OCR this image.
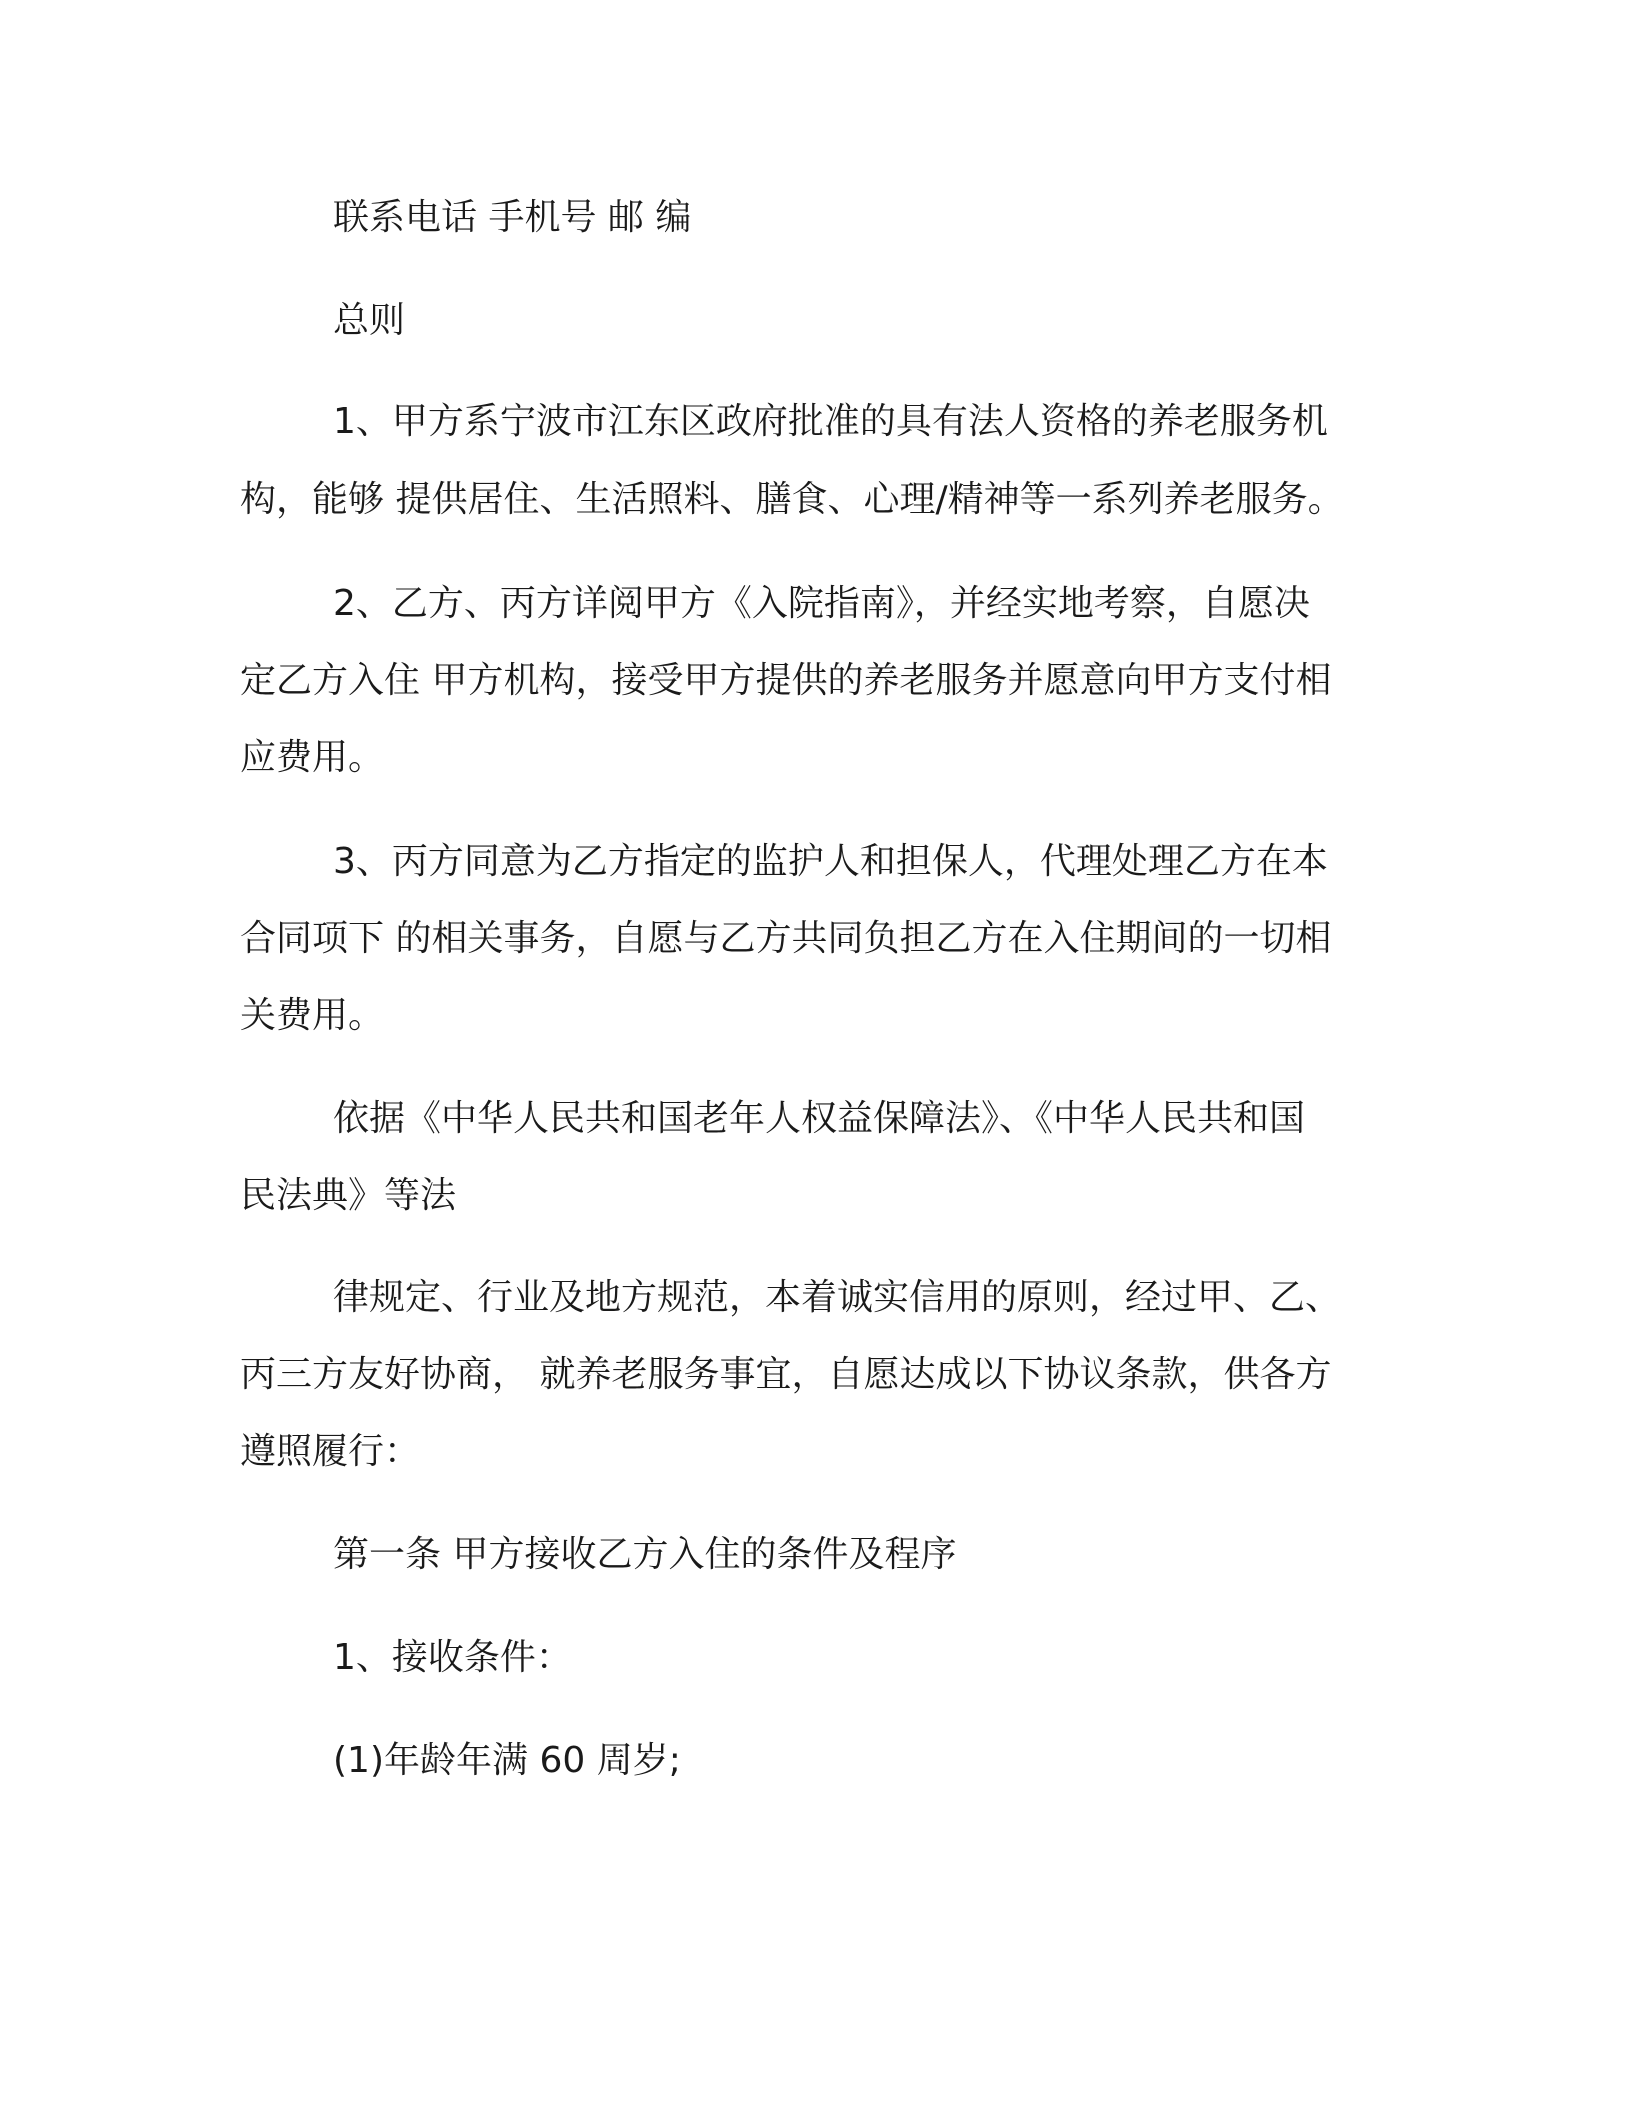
联系电话 手机号 邮 编

总则

1、甲方系宁波市江东区政府批准的具有法人资格的养老服务机

构，能够 提供居住、生活照料、膳食、心理/精神等一系列养老服务。

2、乙方、丙方详阅甲方《入院指南》，并经实地考察，自愿决

定乙方入住 甲方机构，接受甲方提供的养老服务并愿意向甲方支付相

应费用。

3、丙方同意为乙方指定的监护人和担保人，代理处理乙方在本

合同项下 的相关事务，自愿与乙方共同负担乙方在入住期间的一切相

关费用。

依据《中华人民共和国老年人权益保障法》、《中华人民共和国

民法典》等法

律规定、行业及地方规范，本着诚实信用的原则，经过甲、乙、

丙三方友好协商， 就养老服务事宜，自愿达成以下协议条款，供各方

遵照履行：

第一条 甲方接收乙方入住的条件及程序

1、接收条件：

(1)年龄年满 60 周岁;
